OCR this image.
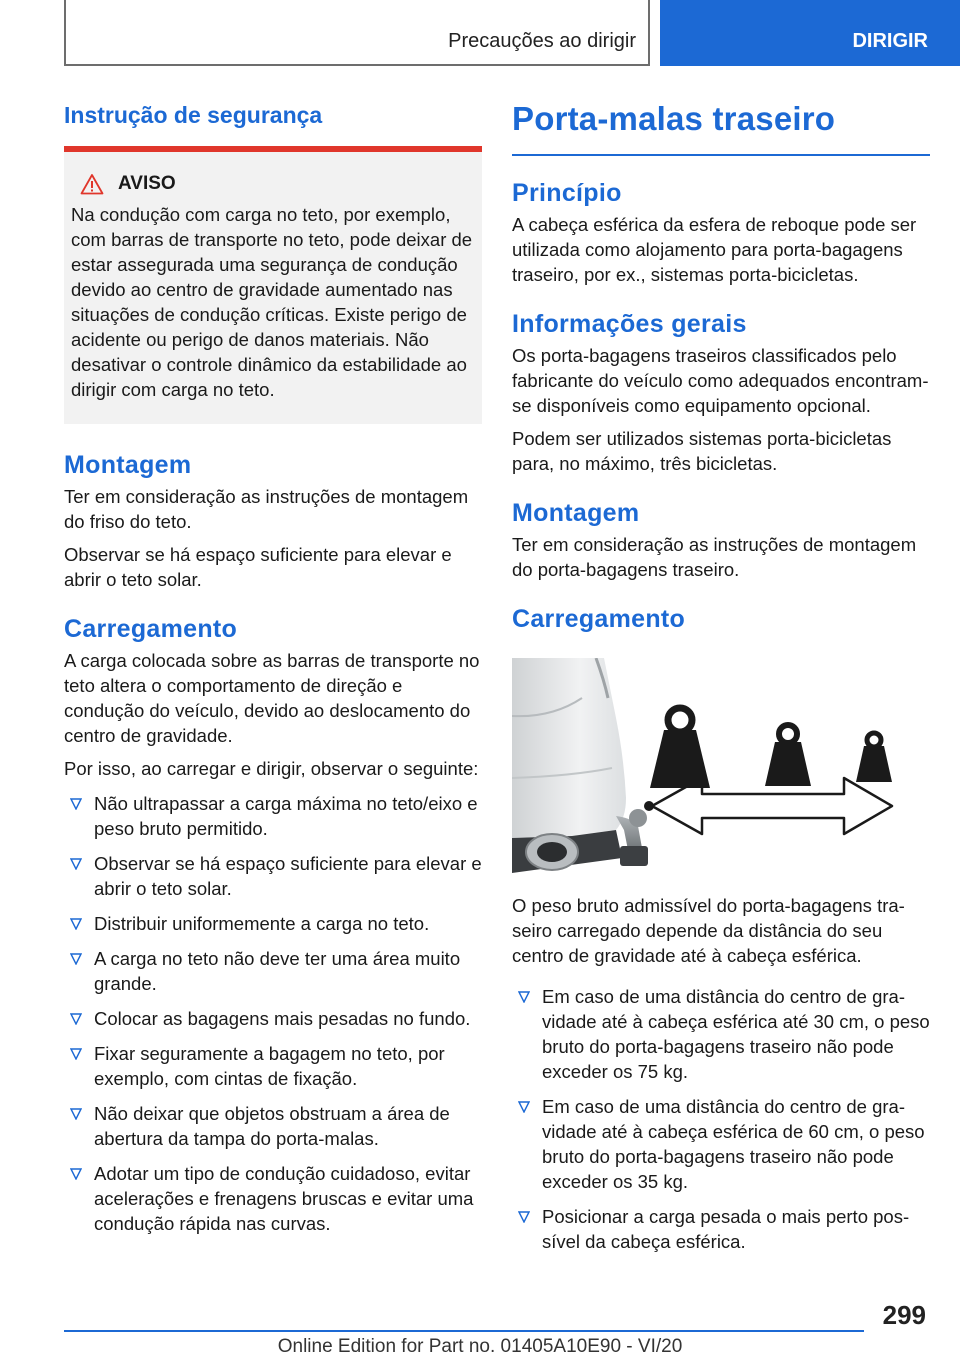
Precauções ao dirigir	DIRIGIR
Instrução de segurança
AVISO

Na condução com carga no teto, por exemplo, com barras de transporte no teto, pode deixar de estar assegurada uma segurança de condução devido ao centro de gravidade aumentado nas situações de condução críticas. Existe perigo de acidente ou perigo de danos materiais. Não desativar o controle dinâmico da estabilidade ao dirigir com carga no teto.

Montagem

Ter em consideração as instruções de montagem do friso do teto.

Observar se há espaço suficiente para elevar e abrir o teto solar.

Carregamento

A carga colocada sobre as barras de transporte no teto altera o comportamento de direção e condução do veículo, devido ao deslocamento do centro de gravidade.

Por isso, ao carregar e dirigir, observar o seguinte:

Não ultrapassar a carga máxima no teto/eixo e peso bruto permitido.
Observar se há espaço suficiente para elevar e abrir o teto solar.
Distribuir uniformemente a carga no teto.
A carga no teto não deve ter uma área muito grande.
Colocar as bagagens mais pesadas no fundo.
Fixar seguramente a bagagem no teto, por exemplo, com cintas de fixação.
Não deixar que objetos obstruam a área de abertura da tampa do porta-malas.
Adotar um tipo de condução cuidadoso, evitar acelerações e frenagens bruscas e evitar uma condução rápida nas curvas.
Porta-malas traseiro
Princípio

A cabeça esférica da esfera de reboque pode ser utilizada como alojamento para porta-bagagens traseiro, por ex., sistemas porta-bicicletas.

Informações gerais

Os porta-bagagens traseiros classificados pelo fabricante do veículo como adequados encontram-se disponíveis como equipamento opcional.

Podem ser utilizados sistemas porta-bicicletas para, no máximo, três bicicletas.

Montagem

Ter em consideração as instruções de montagem do porta-bagagens traseiro.

Carregamento

O peso bruto admissível do porta-bagagens traseiro carregado depende da distância do seu centro de gravidade até à cabeça esférica.

Em caso de uma distância do centro de gravidade até à cabeça esférica até 30 cm, o peso bruto do porta-bagagens traseiro não pode exceder os 75 kg.
Em caso de uma distância do centro de gravidade até à cabeça esférica de 60 cm, o peso bruto do porta-bagagens traseiro não pode exceder os 35 kg.
Posicionar a carga pesada o mais perto possível da cabeça esférica.
299
Online Edition for Part no. 01405A10E90 - VI/20
